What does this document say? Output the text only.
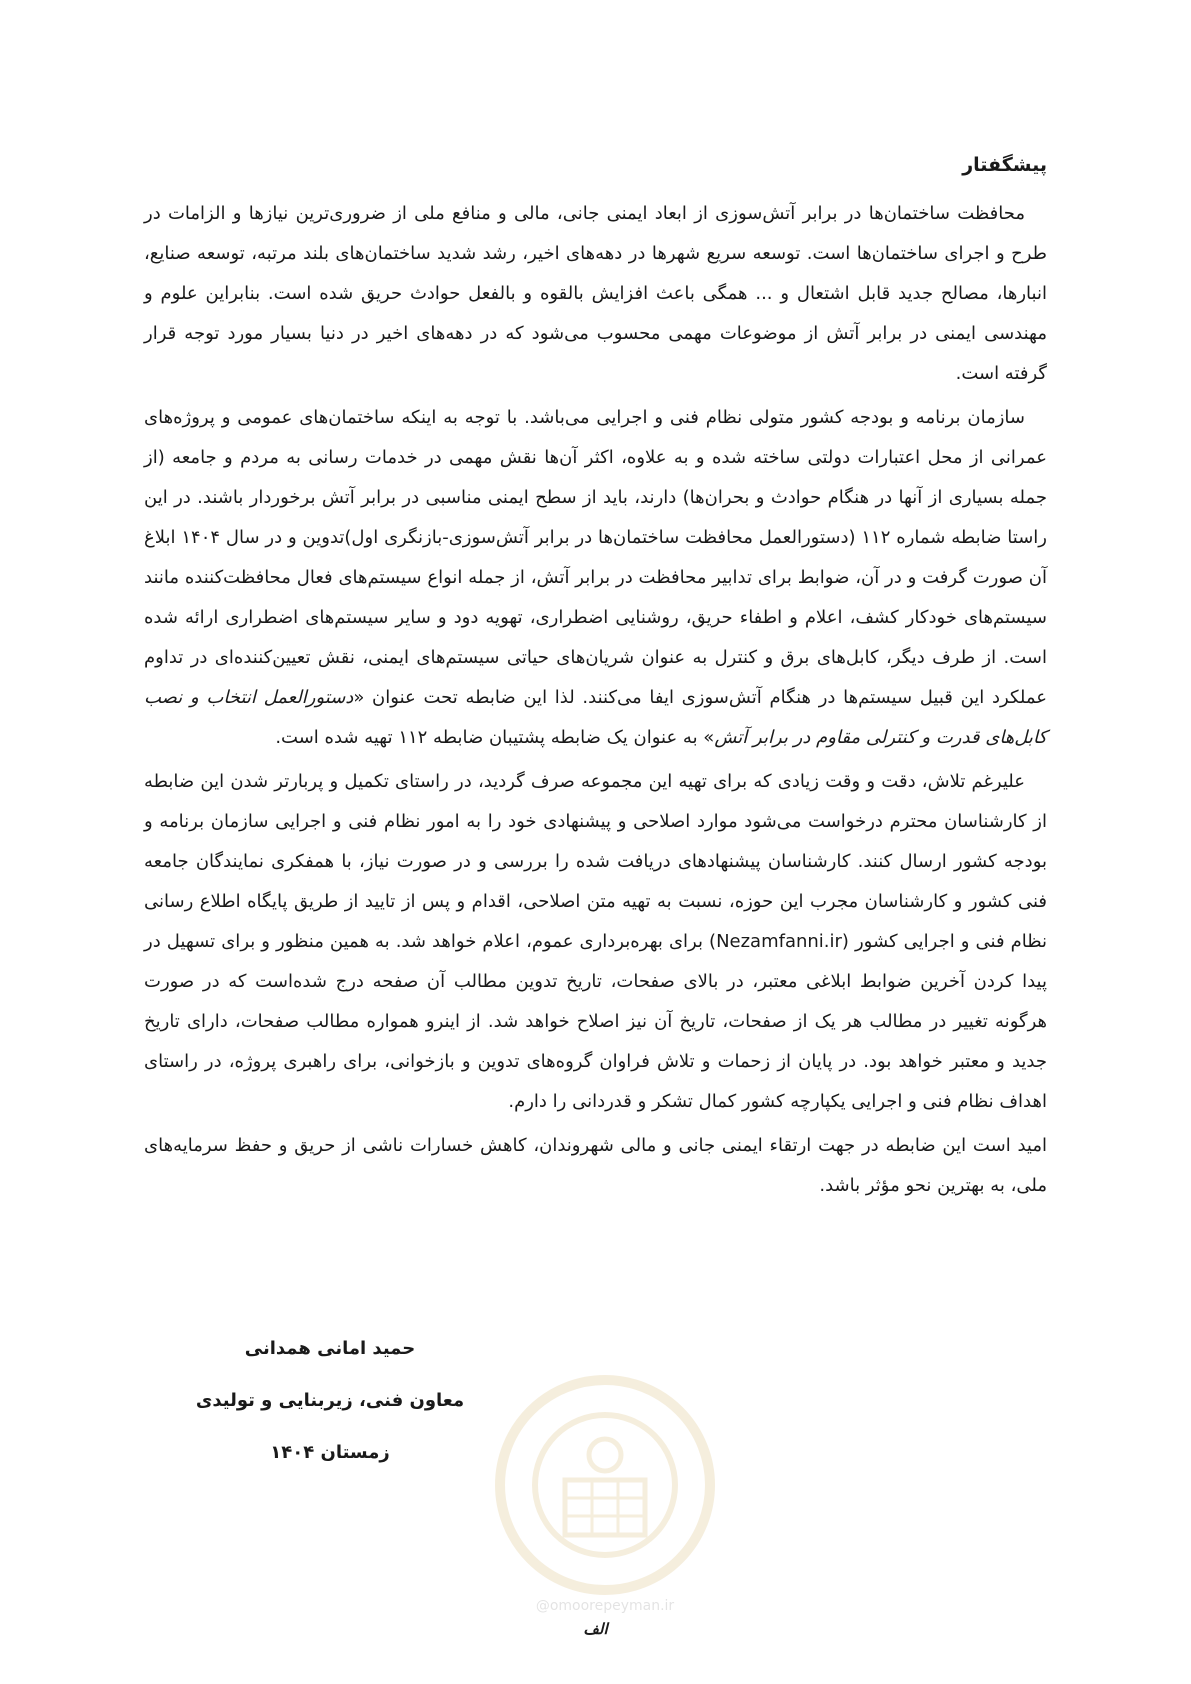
پیشگفتار

محافظت ساختمان‌ها در برابر آتش‌سوزی از ابعاد ایمنی جانی، مالی و منافع ملی از ضروری‌ترین نیازها و الزامات در طرح و اجرای ساختمان‌ها است. توسعه سریع شهرها در دهه‌های اخیر، رشد شدید ساختمان‌های بلند مرتبه، توسعه صنایع، انبارها، مصالح جدید قابل اشتعال و ... همگی باعث افزایش بالقوه و بالفعل حوادث حریق شده است. بنابراین علوم و مهندسی ایمنی در برابر آتش از موضوعات مهمی محسوب می‌شود که در دهه‌های اخیر در دنیا بسیار مورد توجه قرار گرفته است.

سازمان برنامه و بودجه کشور متولی نظام فنی و اجرایی می‌باشد. با توجه به اینکه ساختمان‌های عمومی و پروژه‌های عمرانی از محل اعتبارات دولتی ساخته شده و به علاوه، اکثر آن‌ها نقش مهمی در خدمات رسانی به مردم و جامعه (از جمله بسیاری از آنها در هنگام حوادث و بحران‌ها) دارند، باید از سطح ایمنی مناسبی در برابر آتش برخوردار باشند. در این راستا ضابطه شماره ۱۱۲ (دستورالعمل محافظت ساختمان‌ها در برابر آتش‌سوزی-بازنگری اول)تدوین و در سال ۱۴۰۴ ابلاغ آن صورت گرفت و در آن، ضوابط برای تدابیر محافظت در برابر آتش، از جمله انواع سیستم‌های فعال محافظت‌کننده مانند سیستم‌های خودکار کشف، اعلام و اطفاء حریق، روشنایی اضطراری، تهویه دود و سایر سیستم‌های اضطراری ارائه شده است. از طرف دیگر، کابل‌های برق و کنترل به عنوان شریان‌های حیاتی سیستم‌های ایمنی، نقش تعیین‌کننده‌ای در تداوم عملکرد این قبیل سیستم‌ها در هنگام آتش‌سوزی ایفا می‌کنند. لذا این ضابطه تحت عنوان «دستورالعمل انتخاب و نصب کابل‌های قدرت و کنترلی مقاوم در برابر آتش» به عنوان یک ضابطه پشتیبان ضابطه ۱۱۲ تهیه شده است.

علیرغم تلاش، دقت و وقت زیادی که برای تهیه این مجموعه صرف گردید، در راستای تکمیل و پربارتر شدن این ضابطه از کارشناسان محترم درخواست می‌شود موارد اصلاحی و پیشنهادی خود را به امور نظام فنی و اجرایی سازمان برنامه و بودجه کشور ارسال کنند. کارشناسان پیشنهادهای دریافت شده را بررسی و در صورت نیاز، با همفکری نمایندگان جامعه فنی کشور و کارشناسان مجرب این حوزه، نسبت به تهیه متن اصلاحی، اقدام و پس از تایید از طریق پایگاه اطلاع رسانی نظام فنی و اجرایی کشور (Nezamfanni.ir) برای بهره‌برداری عموم، اعلام خواهد شد. به همین منظور و برای تسهیل در پیدا کردن آخرین ضوابط ابلاغی معتبر، در بالای صفحات، تاریخ تدوین مطالب آن صفحه درج شده‌است که در صورت هرگونه تغییر در مطالب هر یک از صفحات، تاریخ آن نیز اصلاح خواهد شد. از اینرو همواره مطالب صفحات، دارای تاریخ جدید و معتبر خواهد بود. در پایان از زحمات و تلاش فراوان گروه‌های تدوین و بازخوانی، برای راهبری پروژه، در راستای اهداف نظام فنی و اجرایی یکپارچه کشور کمال تشکر و قدردانی را دارم.

امید است این ضابطه در جهت ارتقاء ایمنی جانی و مالی شهروندان، کاهش خسارات ناشی از حریق و حفظ سرمایه‌های ملی، به بهترین نحو مؤثر باشد.

حمید امانی همدانی
معاون فنی، زیربنایی و تولیدی
زمستان ۱۴۰۴
@omoorepeyman.ir
الف
